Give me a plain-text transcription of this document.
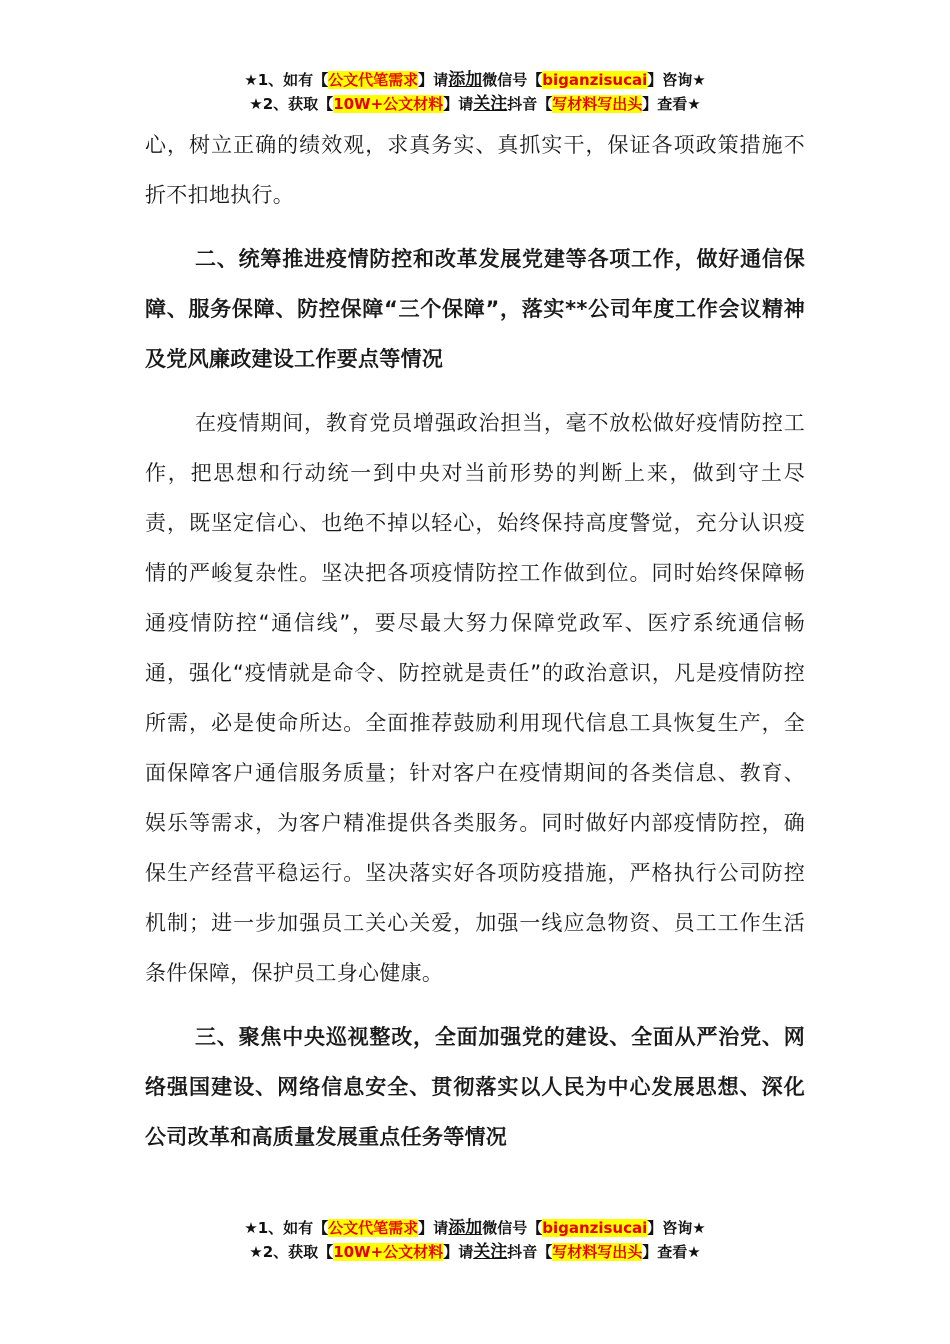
★1、如有【公文代笔需求】请添加微信号【biganzisucai】咨询★
★2、获取【10W+公文材料】请关注抖音【写材料写出头】查看★

心，树立正确的绩效观，求真务实、真抓实干，保证各项政策措施不折不扣地执行。

二、统筹推进疫情防控和改革发展党建等各项工作，做好通信保障、服务保障、防控保障“三个保障”，落实**公司年度工作会议精神及党风廉政建设工作要点等情况

在疫情期间，教育党员增强政治担当，毫不放松做好疫情防控工作，把思想和行动统一到中央对当前形势的判断上来，做到守土尽责，既坚定信心、也绝不掉以轻心，始终保持高度警觉，充分认识疫情的严峻复杂性。坚决把各项疫情防控工作做到位。同时始终保障畅通疫情防控“通信线”，要尽最大努力保障党政军、医疗系统通信畅通，强化“疫情就是命令、防控就是责任”的政治意识，凡是疫情防控所需，必是使命所达。全面推荐鼓励利用现代信息工具恢复生产，全面保障客户通信服务质量；针对客户在疫情期间的各类信息、教育、娱乐等需求，为客户精准提供各类服务。同时做好内部疫情防控，确保生产经营平稳运行。坚决落实好各项防疫措施，严格执行公司防控机制；进一步加强员工关心关爱，加强一线应急物资、员工工作生活条件保障，保护员工身心健康。

三、聚焦中央巡视整改，全面加强党的建设、全面从严治党、网络强国建设、网络信息安全、贯彻落实以人民为中心发展思想、深化公司改革和高质量发展重点任务等情况

★1、如有【公文代笔需求】请添加微信号【biganzisucai】咨询★
★2、获取【10W+公文材料】请关注抖音【写材料写出头】查看★
